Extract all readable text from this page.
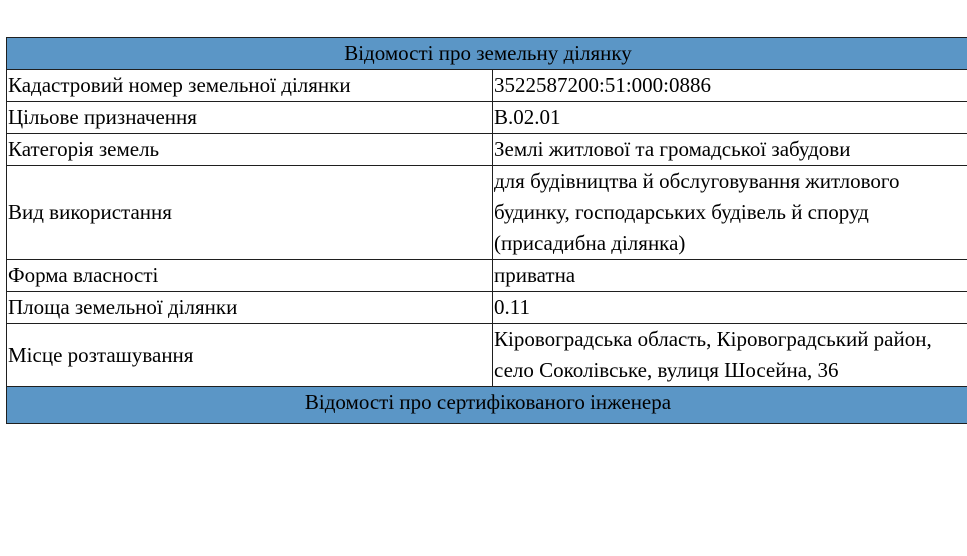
Відомості про земельну ділянку	
Кадастровий номер земельної ділянки	3522587200:51:000:0886
Цільове призначення	В.02.01
Категорія земель	Землі житлової та громадської забудови
Вид використання	для будівництва й обслуговування житлового будинку, господарських будівель й споруд (присадибна ділянка)
Форма власності	приватна
Площа земельної ділянки	0.11
Місце розташування	Кіровоградська область, Кіровоградський район, село Соколівське, вулиця Шосейна, 36
Відомості про сертифікованого інженера	
